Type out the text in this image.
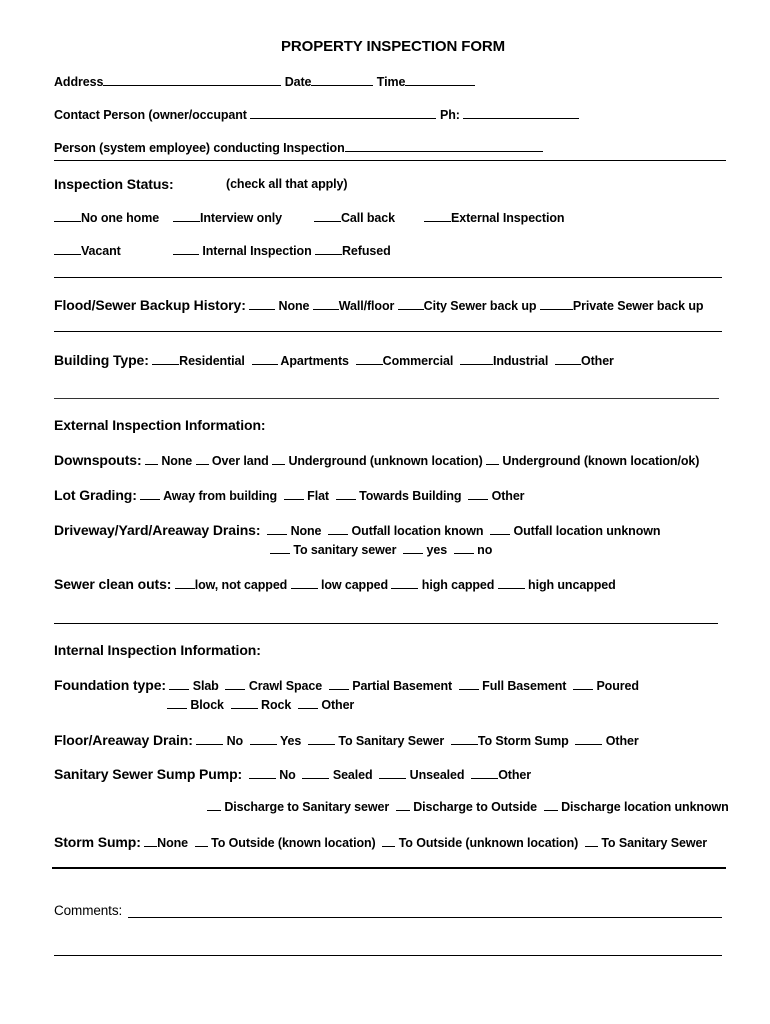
PROPERTY INSPECTION FORM
Address	Date	Time
Contact Person (owner/occupant	Ph:
Person (system employee) conducting Inspection
Inspection Status:	(check all that apply)
No one home	Interview only	Call back	External Inspection
Vacant	Internal Inspection	Refused
Flood/Sewer Backup History:	None Wall/floor City Sewer back up	Private Sewer back up
Building Type: Residential	Apartments	Commercial	Industrial	Other
External Inspection Information:
Downspouts: None Over land Underground (unknown location) Underground (known location/ok)
Lot Grading: Away from building Flat Towards Building Other
Driveway/Yard/Areaway Drains: None Outfall location known Outfall location unknown
To sanitary sewer yes no
Sewer clean outs: low, not capped	low capped	high capped	high uncapped
Internal Inspection Information:
Foundation type: Slab Crawl Space Partial Basement Full Basement Poured
Block	Rock Other
Floor/Areaway Drain:	No	Yes	To Sanitary Sewer	To Storm Sump	Other
Sanitary Sewer Sump Pump:	No	Sealed	Unsealed	Other
Discharge to Sanitary sewer Discharge to Outside Discharge location unknown
Storm Sump: None To Outside (known location) To Outside (unknown location) To Sanitary Sewer
Comments:
